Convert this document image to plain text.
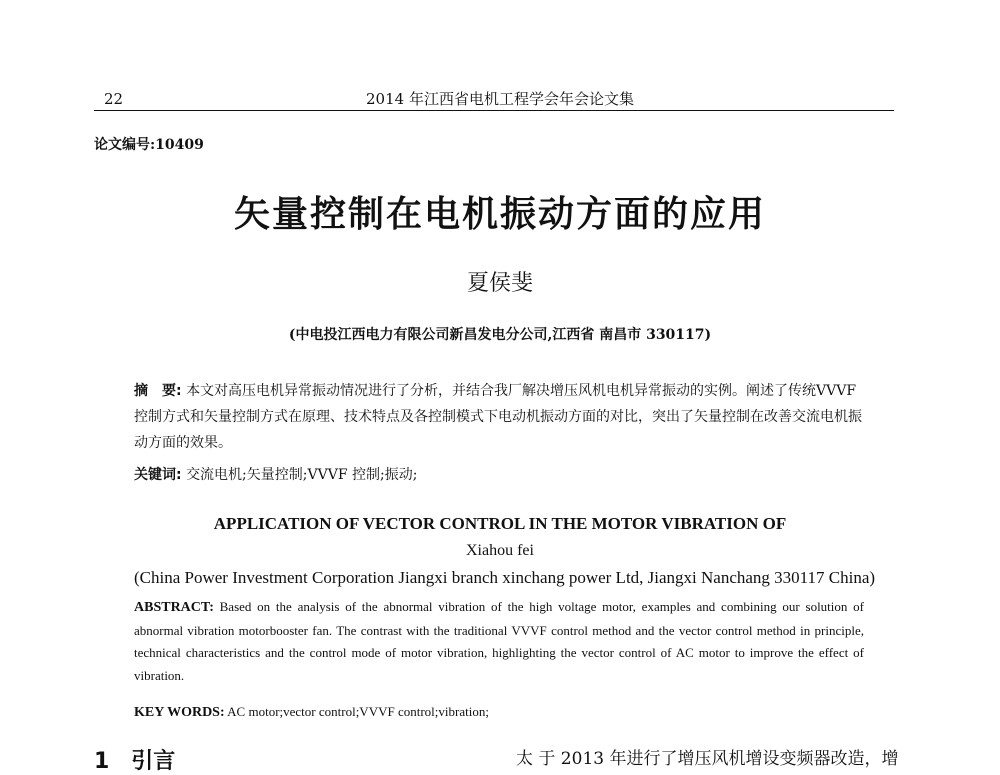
22	2014 年江西省电机工程学会年会论文集
论文编号:10409
矢量控制在电机振动方面的应用
夏侯斐
(中电投江西电力有限公司新昌发电分公司,江西省 南昌市 330117)
摘　要: 本文对高压电机异常振动情况进行了分析，并结合我厂解决增压风机电机异常振动的实例。阐述了传统VVVF 控制方式和矢量控制方式在原理、技术特点及各控制模式下电动机振动方面的对比，突出了矢量控制在改善交流电机振动方面的效果。
关键词: 交流电机;矢量控制;VVVF 控制;振动;
APPLICATION OF VECTOR CONTROL IN THE MOTOR VIBRATION OF
Xiahou fei
(China Power Investment Corporation Jiangxi branch xinchang power Ltd, Jiangxi Nanchang 330117 China)
ABSTRACT: Based on the analysis of the abnormal vibration of the high voltage motor, examples and combining our solution of abnormal vibration motorbooster fan. The contrast with the traditional VVVF control method and the vector control method in principle, technical characteristics and the control mode of motor vibration, highlighting the vector control of AC motor to improve the effect of vibration.
KEY WORDS: AC motor;vector control;VVVF control;vibration;
1　引言	太 于 2013 年进行了增压风机增设变频器改造，增
